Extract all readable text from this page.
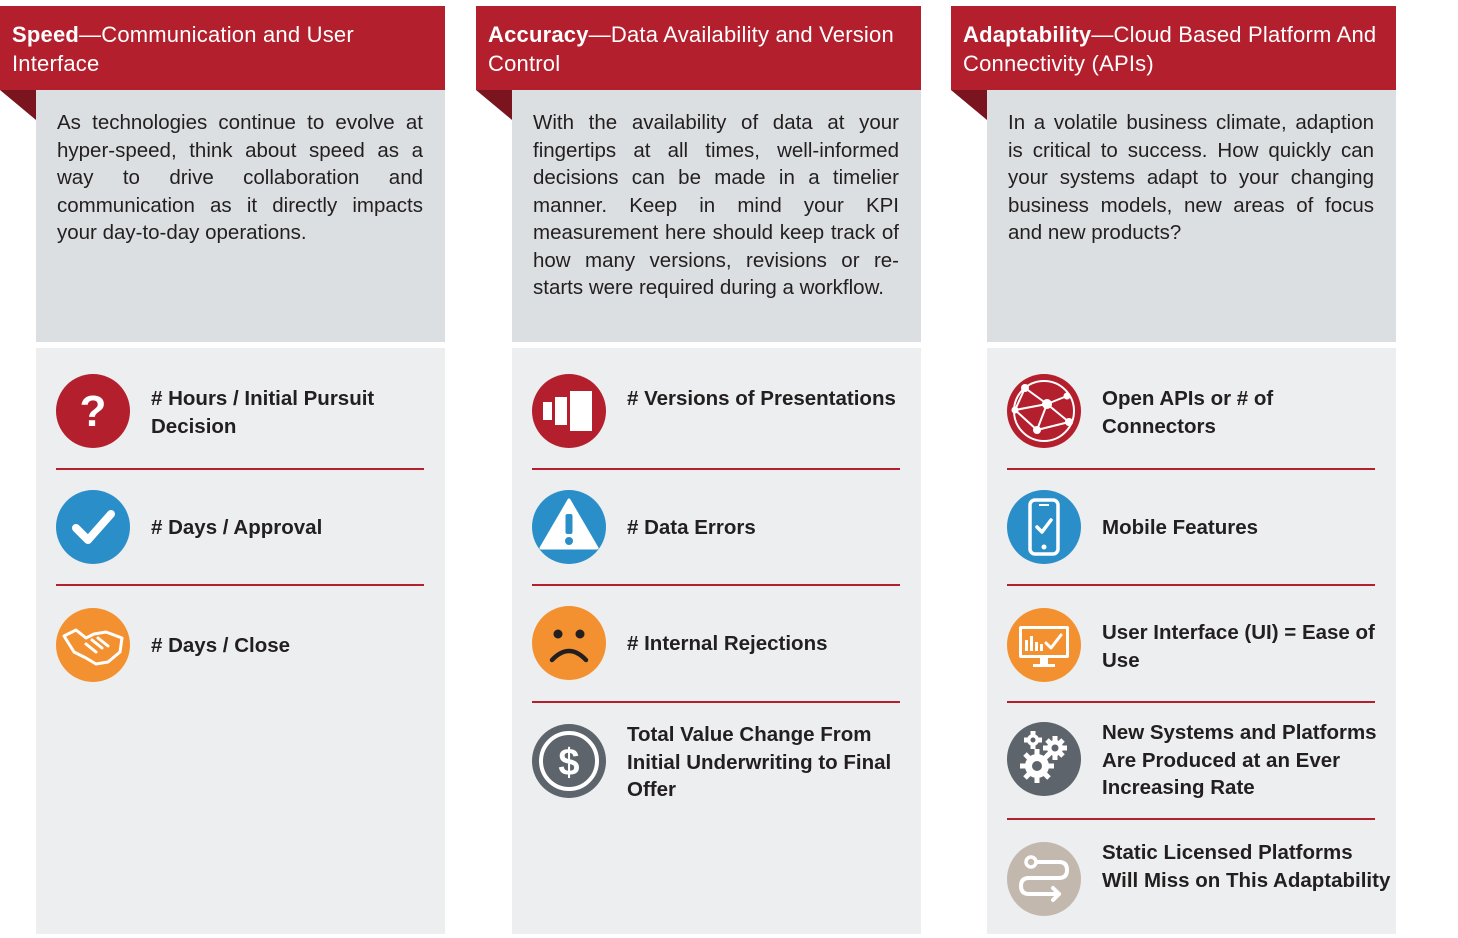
Speed—Communication and User Interface
As technologies continue to evolve at hyper-speed, think about speed as a way to drive collaboration and communication as it directly impacts your day-to-day operations.
? # Hours / Initial Pursuit Decision
# Days / Approval
# Days / Close
Accuracy—Data Availability and Version Control
With the availability of data at your fingertips at all times, well-informed decisions can be made in a timelier manner. Keep in mind your KPI measurement here should keep track of how many versions, revisions or re-starts were required during a workflow.
# Versions of Presentations
# Data Errors
# Internal Rejections
$
Total Value Change From Initial Underwriting to Final Offer
Adaptability—Cloud Based Platform And Connectivity (APIs)
In a volatile business climate, adaption is critical to success. How quickly can your systems adapt to your changing business models, new areas of focus and new products?
Open APIs or # of Connectors
Mobile Features
User Interface (UI) = Ease of Use
New Systems and Platforms Are Produced at an Ever Increasing Rate
Static Licensed Platforms Will Miss on This Adaptability
